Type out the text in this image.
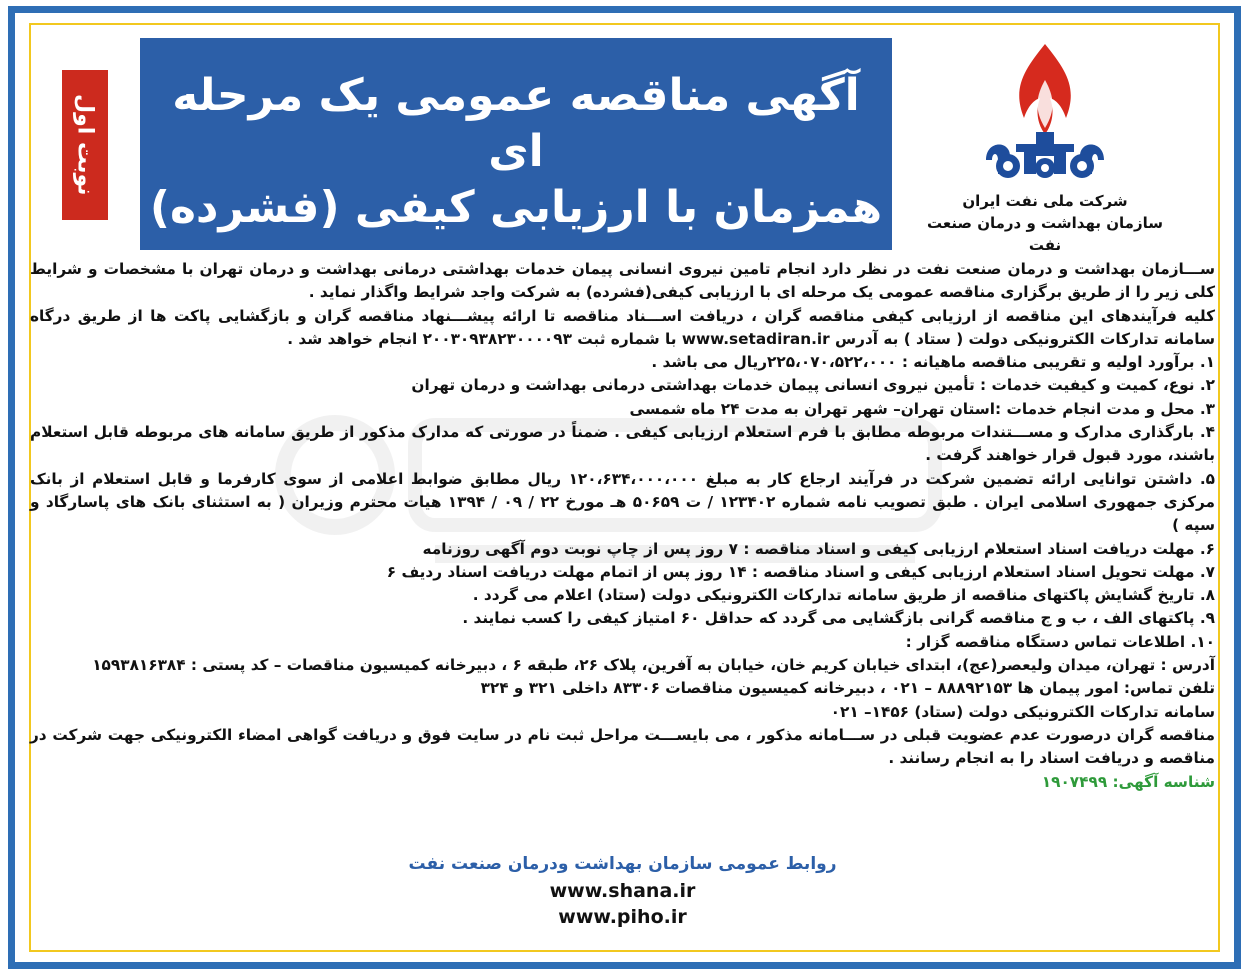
نوبت اول	آگهی مناقصه عمومی یک مرحله ای
همزمان با ارزیابی کیفی (فشرده)	شرکت ملی نفت ایران
سازمان بهداشت و درمان صنعت نفت

ســـازمان بهداشت و درمان صنعت نفت در نظر دارد انجام تامین نیروی انسانی پیمان خدمات بهداشتی درمانی بهداشت و درمان تهران با مشخصات و شرایط کلی زیر را از طریق برگزاری مناقصه عمومی یک مرحله ای با ارزیابی کیفی(فشرده) به شرکت واجد شرایط واگذار نماید .

کلیه فرآیندهای این مناقصه از ارزیابی کیفی مناقصه گران ، دریافت اســـناد مناقصه تا ارائه پیشـــنهاد مناقصه گران و بازگشایی پاکت ها از طریق درگاه سامانه تدارکات الکترونیکی دولت ( ستاد ) به آدرس www.setadiran.ir با شماره ثبت ۲۰۰۳۰۹۳۸۲۳۰۰۰۰۹۳ انجام خواهد شد .

۱. برآورد اولیه و تقریبی مناقصه ماهیانه : ۲۲۵،۰۷۰،۵۲۲،۰۰۰ریال می باشد .

۲. نوع، کمیت و کیفیت خدمات : تأمین نیروی انسانی پیمان خدمات بهداشتی درمانی بهداشت و درمان تهران

۳. محل و مدت انجام خدمات :استان تهران– شهر تهران به مدت ۲۴ ماه شمسی

۴. بارگذاری مدارک و مســـتندات مربوطه مطابق با فرم استعلام ارزیابی کیفی . ضمناً در صورتی که مدارک مذکور از طریق سامانه های مربوطه قابل استعلام باشند، مورد قبول قرار خواهند گرفت .

۵. داشتن توانایی ارائه تضمین شرکت در فرآیند ارجاع کار به مبلغ ۱۲۰،۶۳۴،۰۰۰،۰۰۰ ریال مطابق ضوابط اعلامی از سوی کارفرما و قابل استعلام از بانک مرکزی جمهوری اسلامی ایران . طبق تصویب نامه شماره ۱۲۳۴۰۲ / ت ۵۰۶۵۹ هـ مورخ ۲۲ / ۰۹ / ۱۳۹۴ هیات محترم وزیران ( به استثنای بانک های پاسارگاد و سپه )

۶. مهلت دریافت اسناد استعلام ارزیابی کیفی و اسناد مناقصه : ۷ روز پس از چاپ نوبت دوم آگهی روزنامه

۷. مهلت تحویل اسناد استعلام ارزیابی کیفی و اسناد مناقصه : ۱۴ روز پس از اتمام مهلت دریافت اسناد ردیف ۶

۸. تاریخ گشایش پاکتهای مناقصه از طریق سامانه تدارکات الکترونیکی دولت (ستاد) اعلام می گردد .

۹. پاکتهای الف ، ب و ج مناقصه گرانی بازگشایی می گردد که حداقل ۶۰ امتیاز کیفی را کسب نمایند .

۱۰. اطلاعات تماس دستگاه مناقصه گزار :

آدرس : تهران، میدان ولیعصر(عج)، ابتدای خیابان کریم خان، خیابان به آفرین، پلاک ۲۶، طبقه ۶ ، دبیرخانه کمیسیون مناقصات – کد پستی : ۱۵۹۳۸۱۶۳۸۴

تلفن تماس: امور پیمان ها ۸۸۸۹۲۱۵۳ – ۰۲۱ ، دبیرخانه کمیسیون مناقصات ۸۳۳۰۶ داخلی ۳۲۱ و ۳۲۴

سامانه تدارکات الکترونیکی دولت (ستاد) ۱۴۵۶– ۰۲۱

مناقصه گران درصورت عدم عضویت قبلی در ســـامانه مذکور ، می بایســـت مراحل ثبت نام در سایت فوق و دریافت گواهی امضاء الکترونیکی جهت شرکت در مناقصه و دریافت اسناد را به انجام رسانند .

شناسه آگهی: ۱۹۰۷۴۹۹

روابط عمومی سازمان بهداشت ودرمان صنعت نفت
www.shana.ir
www.piho.ir
